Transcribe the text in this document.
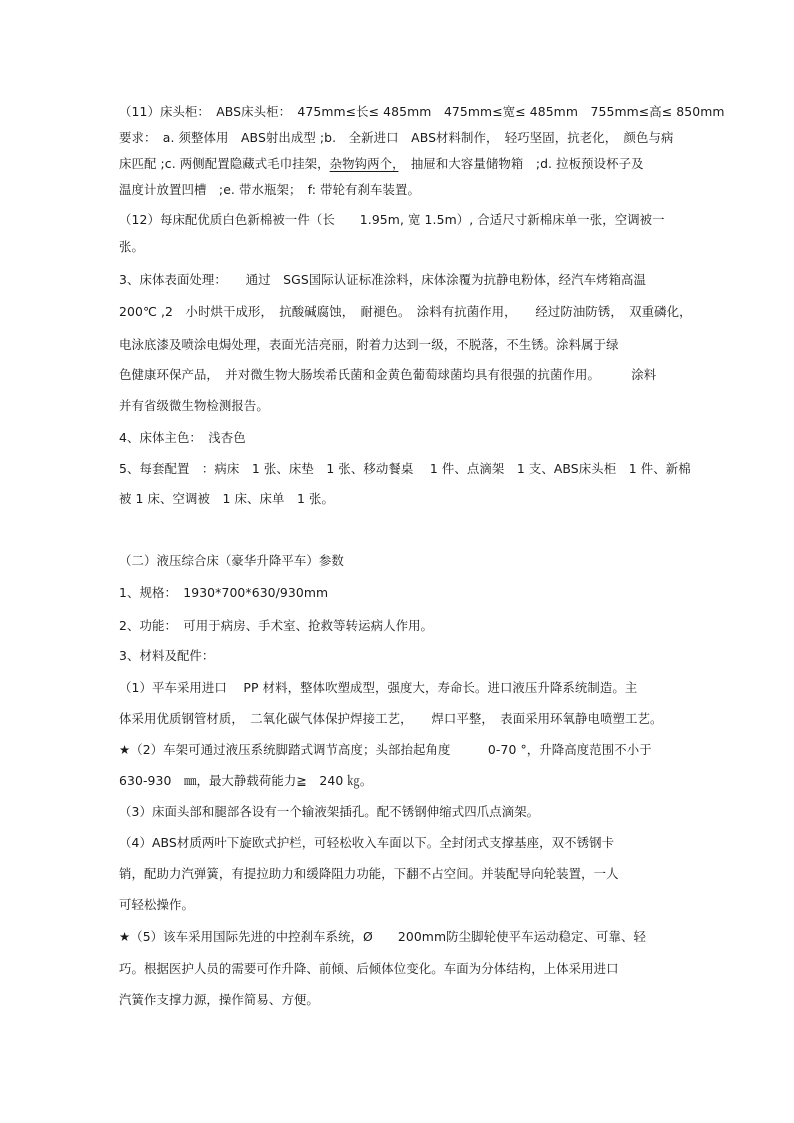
（11）床头柜：　ABS床头柜：　475mm≤长≤ 485mm　475mm≤宽≤ 485mm　755mm≤高≤ 850mm
要求：　a. 须整体用　ABS射出成型 ;b.　全新进口　ABS材料制作，　轻巧坚固，抗老化，　颜色与病
床匹配 ;c. 两侧配置隐藏式毛巾挂架，杂物钩两个，　抽屉和大容量储物箱　;d. 拉板预设杯子及
温度计放置凹槽　;e. 带水瓶架；　f: 带轮有刹车装置。
（12）每床配优质白色新棉被一件（长　　1.95m, 宽 1.5m）, 合适尺寸新棉床单一张，空调被一
张。
3、床体表面处理：　　通过　SGS国际认证标准涂料，床体涂覆为抗静电粉体，经汽车烤箱高温
200℃ ,2　小时烘干成形，　抗酸碱腐蚀，　耐褪色。　涂料有抗菌作用，　　经过防油防锈，　双重磷化，
电泳底漆及喷涂电焗处理，表面光洁亮丽，附着力达到一级，不脱落，不生锈。涂料属于绿
色健康环保产品，　并对微生物大肠埃希氏菌和金黄色葡萄球菌均具有很强的抗菌作用。　　　涂料
并有省级微生物检测报告。
4、床体主色：　浅杏色
5、每套配置　：病床　1 张、床垫　1 张、移动餐桌　 1 件、点滴架　1 支、ABS床头柜　1 件、新棉
被 1 床、空调被　1 床、床单　1 张。
（二）液压综合床（豪华升降平车）参数
1、规格：　1930*700*630/930mm
2、功能：　可用于病房、手术室、抢救等转运病人作用。
3、材料及配件：
（1）平车采用进口　 PP 材料，整体吹塑成型，强度大，寿命长。进口液压升降系统制造。主
体采用优质钢管材质，　二氧化碳气体保护焊接工艺，　　焊口平整，　表面采用环氧静电喷塑工艺。
★（2）车架可通过液压系统脚踏式调节高度；头部抬起角度　　　0-70 °，升降高度范围不小于
630-930　㎜，最大静载荷能力≧　240 ㎏。
（3）床面头部和腿部各设有一个输液架插孔。配不锈钢伸缩式四爪点滴架。
（4）ABS材质两叶下旋欧式护栏，可轻松收入车面以下。全封闭式支撑基座，双不锈钢卡
销，配助力汽弹簧，有提拉助力和缓降阻力功能，下翻不占空间。并装配导向轮装置，一人
可轻松操作。
★（5）该车采用国际先进的中控刹车系统，Ø　　200mm防尘脚轮使平车运动稳定、可靠、轻
巧。根据医护人员的需要可作升降、前倾、后倾体位变化。车面为分体结构，上体采用进口
汽簧作支撑力源，操作简易、方便。
